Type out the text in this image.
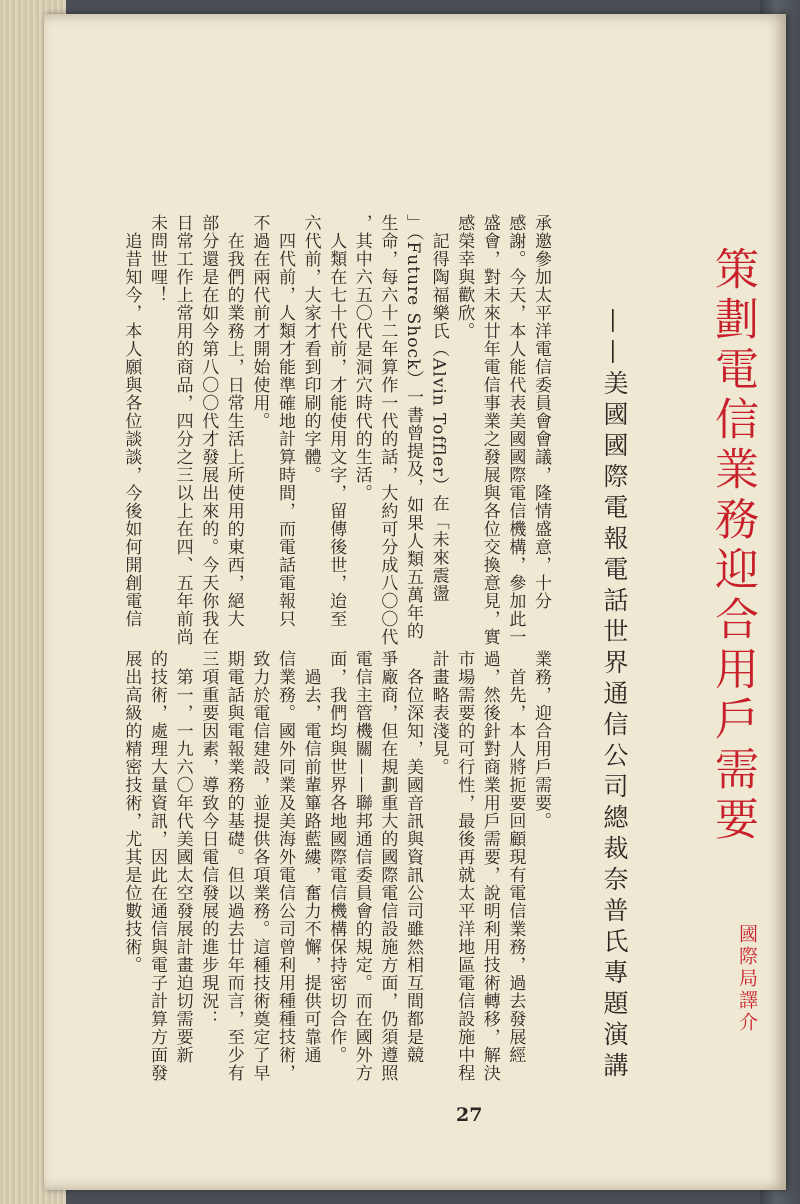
策劃電信業務迎合用戶需要
——美國國際電報電話世界通信公司總裁奈普氏專題演講	國際局譯介
承邀參加太平洋電信委員會會議，隆情盛意，十分
感謝。今天，本人能代表美國國際電信機構，參加此一
盛會，對未來廿年電信事業之發展與各位交換意見，實
感榮幸與歡欣。
　記得陶福樂氏（Alvin Toffler）在「未來震盪
」（Future Shock）一書曾提及，如果人類五萬年的
生命，每六十二年算作一代的話，大約可分成八〇〇代
，其中六五〇代是洞穴時代的生活。
　人類在七十代前，才能使用文字，留傳後世，迨至
六代前，大家才看到印刷的字體。
　四代前，人類才能準確地計算時間，而電話電報只
不過在兩代前才開始使用。
　在我們的業務上，日常生活上所使用的東西，絕大
部分還是在如今第八〇〇代才發展出來的。今天你我在
日常工作上常用的商品，四分之三以上在四、五年前尚
未問世哩！
　追昔知今，本人願與各位談談，今後如何開創電信
業務，迎合用戶需要。
　首先，本人將扼要回顧現有電信業務，過去發展經
過，然後針對商業用戶需要，說明利用技術轉移，解決
市場需要的可行性，最後再就太平洋地區電信設施中程
計畫略表淺見。
　各位深知，美國音訊與資訊公司雖然相互間都是競
爭廠商，但在規劃重大的國際電信設施方面，仍須遵照
電信主管機關——聯邦通信委員會的規定。而在國外方
面，我們均與世界各地國際電信機構保持密切合作。
　過去，電信前輩篳路藍縷，奮力不懈，提供可靠通
信業務。國外同業及美海外電信公司曾利用種種技術，
致力於電信建設，並提供各項業務。這種技術奠定了早
期電話與電報業務的基礎。但以過去廿年而言，至少有
三項重要因素，導致今日電信發展的進步現況：
　第一，一九六〇年代美國太空發展計畫迫切需要新
的技術，處理大量資訊，因此在通信與電子計算方面發
展出高級的精密技術，尤其是位數技術。
27
